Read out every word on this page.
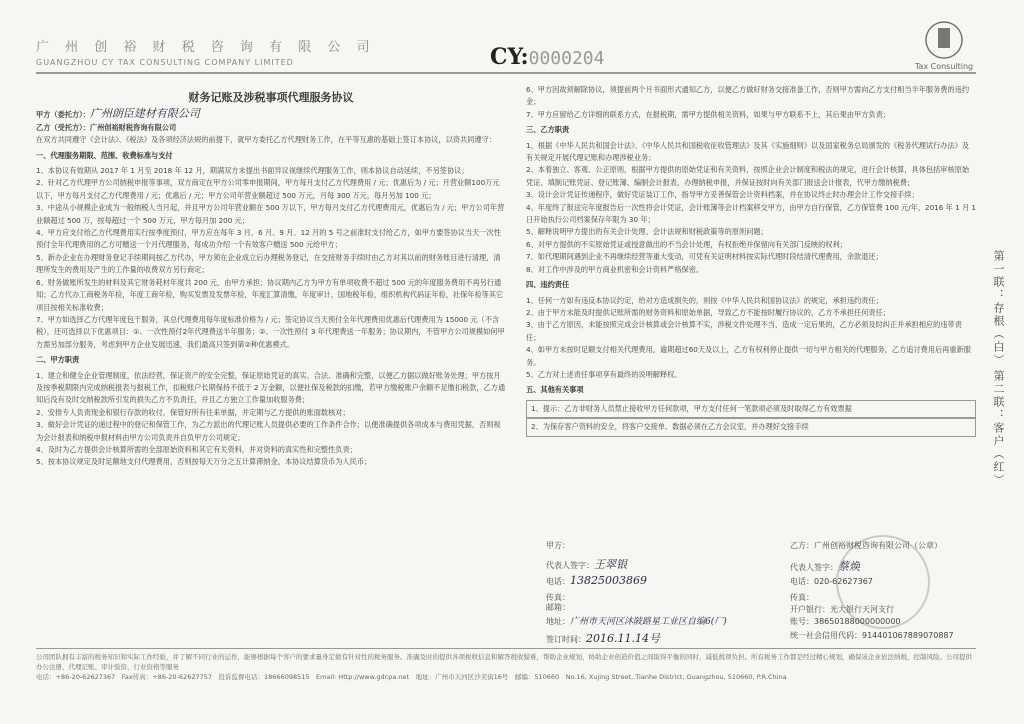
广 州 创 裕 财 税 咨 询 有 限 公 司
GUANGZHOU CY TAX CONSULTING COMPANY LIMITED	CY:0000204	Tax Consulting
财务记账及涉税事项代理服务协议

甲方（委托方）：广州朗臣建材有限公司

乙方（受托方）：广州创裕财税咨询有限公司

在双方共同遵守《会计法》、《税法》及各项经济法规的前提下，就甲方委托乙方代理财务工作，在平等互惠的基础上签订本协议，以资共同遵守：

一、代理服务期限、范围、收费标准与支付

1、本协议有效期从 2017 年 1 月至 2018 年 12 月，期满双方未提出书面异议视继续代理服务工作，则本协议自动延续，不另签协议；

2、针对乙方代理甲方公司纳税申报等事项，双方商定在甲方公司零申报期间，甲方每月支付乙方代理费用 / 元；优惠后为 / 元；月营业额100万元以下，甲方每月支付乙方代理费用 / 元；优惠后 / 元；甲方公司年营业额超过 500 万元，月每 300 万元，每月另加 100 元；

3、中途从小规模企业成为一般纳税人当月起，并且甲方公司年营业额在 500 万以下，甲方每月支付乙方代理费用元，优惠后为 / 元；甲方公司年营业额超过 500 万，按每超过一个 500 万元，甲方每月加 200 元；

4、甲方应支付给乙方代理费用实行按季度预付，甲方应在每年 3 月、6 月、9 月、12 月的 5 号之前准时支付给乙方，如甲方要签协议当天一次性预付全年代理费用的乙方可赠送一个月代理服务，每成功介绍一个有效客户赠送 500 元给甲方；

5、新办企业在办理财务登记手续期间按乙方代办，甲方须在企业成立后办理税务登记，在交接财务手续时由乙方对其以前的财务账目进行清理，清理所发生的费用及产生的工作量的收费双方另行商定；

6、财务做账所发生的材料及其它财务耗材年度共 200 元，由甲方承担；协议期内乙方为甲方有单项收费不超过 500 元的年度服务费用不再另行通知；乙方代办工商税务年检，年度工商年检，购买发票及发票年检，年度汇算清缴，年度审计，国地税年检，组织机构代码证年检，社保年检等其它项目按相关标准收费；

7、甲方如选择乙方代理年度包干服务，其总代理费用每年度标准价格为 / 元；签定协议当天预付全年代理费用优惠后代理费用为 15000 元（不含税），还可选择以下优惠项目：①、一次性预付2年代理费送半年服务；②、一次性预付 3 年代理费送一年服务；协议期内，不管甲方公司规模如何甲方需另加部分服务，考虑到甲方企业发展迅速，我们最高只签到第②种优惠模式。

二、甲方职责

1、建立和健全企业管理制度，依法经营，保证资产的安全完整，保证原始凭证的真实、合法、准确和完整，以便乙方据以做好账务处理；甲方按月及按季税期限内完成纳税报表与报税工作，扣税账户长期保持不低于 2 万金额，以便社保及税款的扣缴，若甲方缴税账户余额不足缴扣税款，乙方通知后没有及时交纳税款所引发的损失乙方不负责任，并且乙方独立工作量加收服务费；

2、安排专人负责现金和银行存款的收付，保管好所有往来单据，并定期与乙方提供的账面数核对；

3、做好会计凭证的递过程中的登记和保管工作，为乙方派出的代理记账人员提供必要的工作条件合作；以便准确提供各项成本与费用凭据，否则视为会计报表和纳税申报材料由甲方公司负责并自负甲方公司规定；

4、及时为乙方提供会计核算所需的全部原始资料和其它有关资料，并对资料的真实性和完整性负责；

5、按本协议规定及时足额地支付代理费用，否则按每天万分之五计算滞纳金，本协议结算货币为人民币；

6、甲方因故须解除协议，须提前两个月书面形式通知乙方，以便乙方做好财务交接准备工作，否则甲方需向乙方支付相当半年服务费的违约金；

7、甲方应留给乙方详细的联系方式，在报税期，需甲方提供相关资料，如果与甲方联系不上，其后果由甲方负责；

三、乙方职责

1、根据《中华人民共和国会计法》、《中华人民共和国税收征收管理法》及其《实施细则》以及国家税务总局颁发的《税务代理试行办法》及有关规定开展代理记账和办理涉税业务；

2、本着独立、客观、公正原则，根据甲方提供的原始凭证和有关资料，按照企业会计制度和税法的规定，进行会计核算，具体包括审核原始凭证、填制记账凭证、登记账簿、编制会计报表，办理纳税申报，并保证按时向有关部门报送会计报表，代甲方缴纳税费；

3、设计会计凭证传递程序，做好凭证装订工作，指导甲方妥善保管会计资料档案，并在协议终止时办理会计工作交接手续；

4、年度终了报送完年度报告后一次性将会计凭证，会计账簿等会计档案移交甲方，由甲方自行保管，乙方保管费 100 元/年，2016 年 1 月 1 日开始执行公司档案保存年限为 30 年；

5、解释说明甲方提出的有关会计处理、会计法规和财税政策等的原则问题；

6、对甲方提供的不实原始凭证或授意做出的不当会计处理，有权拒绝并保留向有关部门反映的权利；

7、如代理期间遇到企业不再继续经营等重大变动，可凭有关证明材料按实际代理时段结清代理费用，余款退还；

8、对工作中涉及的甲方商业机密和会计资料严格保密。

四、违约责任

1、任何一方如有违反本协议约定，给对方造成损失的，则按《中华人民共和国协议法》的规定，承担违约责任；

2、由于甲方未能及时提供记账所需的财务资料和原始单据，导致乙方不能按时履行协议的，乙方不承担任何责任；

3、由于乙方原因，未能按照完成会计核算或会计核算不实，涉税文件处理不当，造成一定后果的，乙方必须及时纠正并承担相应的违带责任；

4、如甲方未按时足额支付相关代理费用，逾期超过60天及以上，乙方有权利停止提供一切与甲方相关的代理服务，乙方追讨费用后再重新服务。

5、乙方对上述责任事项享有最终的说明解释权。

五、其他有关事项

1、提示：乙方非财务人员禁止接收甲方任何款项，甲方支付任何一笔款项必须及时取得乙方有效票据

2、为保存客户资料的安全，将客户交接单、数据必须在乙方会议室，并办理好交接手续

甲方：
代表人签字：王翠银
电话：13825003869
传真：
邮箱：
地址：广州市天河区沐陂路星工业区自编6(厂)
签订时间：2016.11.14号
乙方：广州创裕财税咨询有限公司（公章）
代表人签字：蔡焕
电话：020-62627367
传真：
开户银行：光大银行天河支行
账号：38650188000000000
统一社会信用代码：914401067889070887
第一联：存根（白）
第二联：客户（红）
公司团队拥有丰富的税务知识和实际工作经验，并了解不同行业的运作，能够根据每个客户的要求量身定做有针对性的税务服务。准确及时的提供各项税收信息和解答税收疑难，帮助企业规划，协助企业创造价值之间取得平衡的同时，减低税项负担。所有税务工作都是经过精心规划，确保该企业依法纳税，控制风险。公司提供办公注册、代理记账、审计验资、行业资格等服务
电话：+86-20-62627367　 Fax传真：+86-20-62627757　 投诉监督电话：18666098515　 Email: Http://www.gdcpa.net　 地址：广州市天河区沙美街16号　 邮编：510660　 No.16, Xujing Street, Tianhe District, Guangzhou, 510660, P.R.China
